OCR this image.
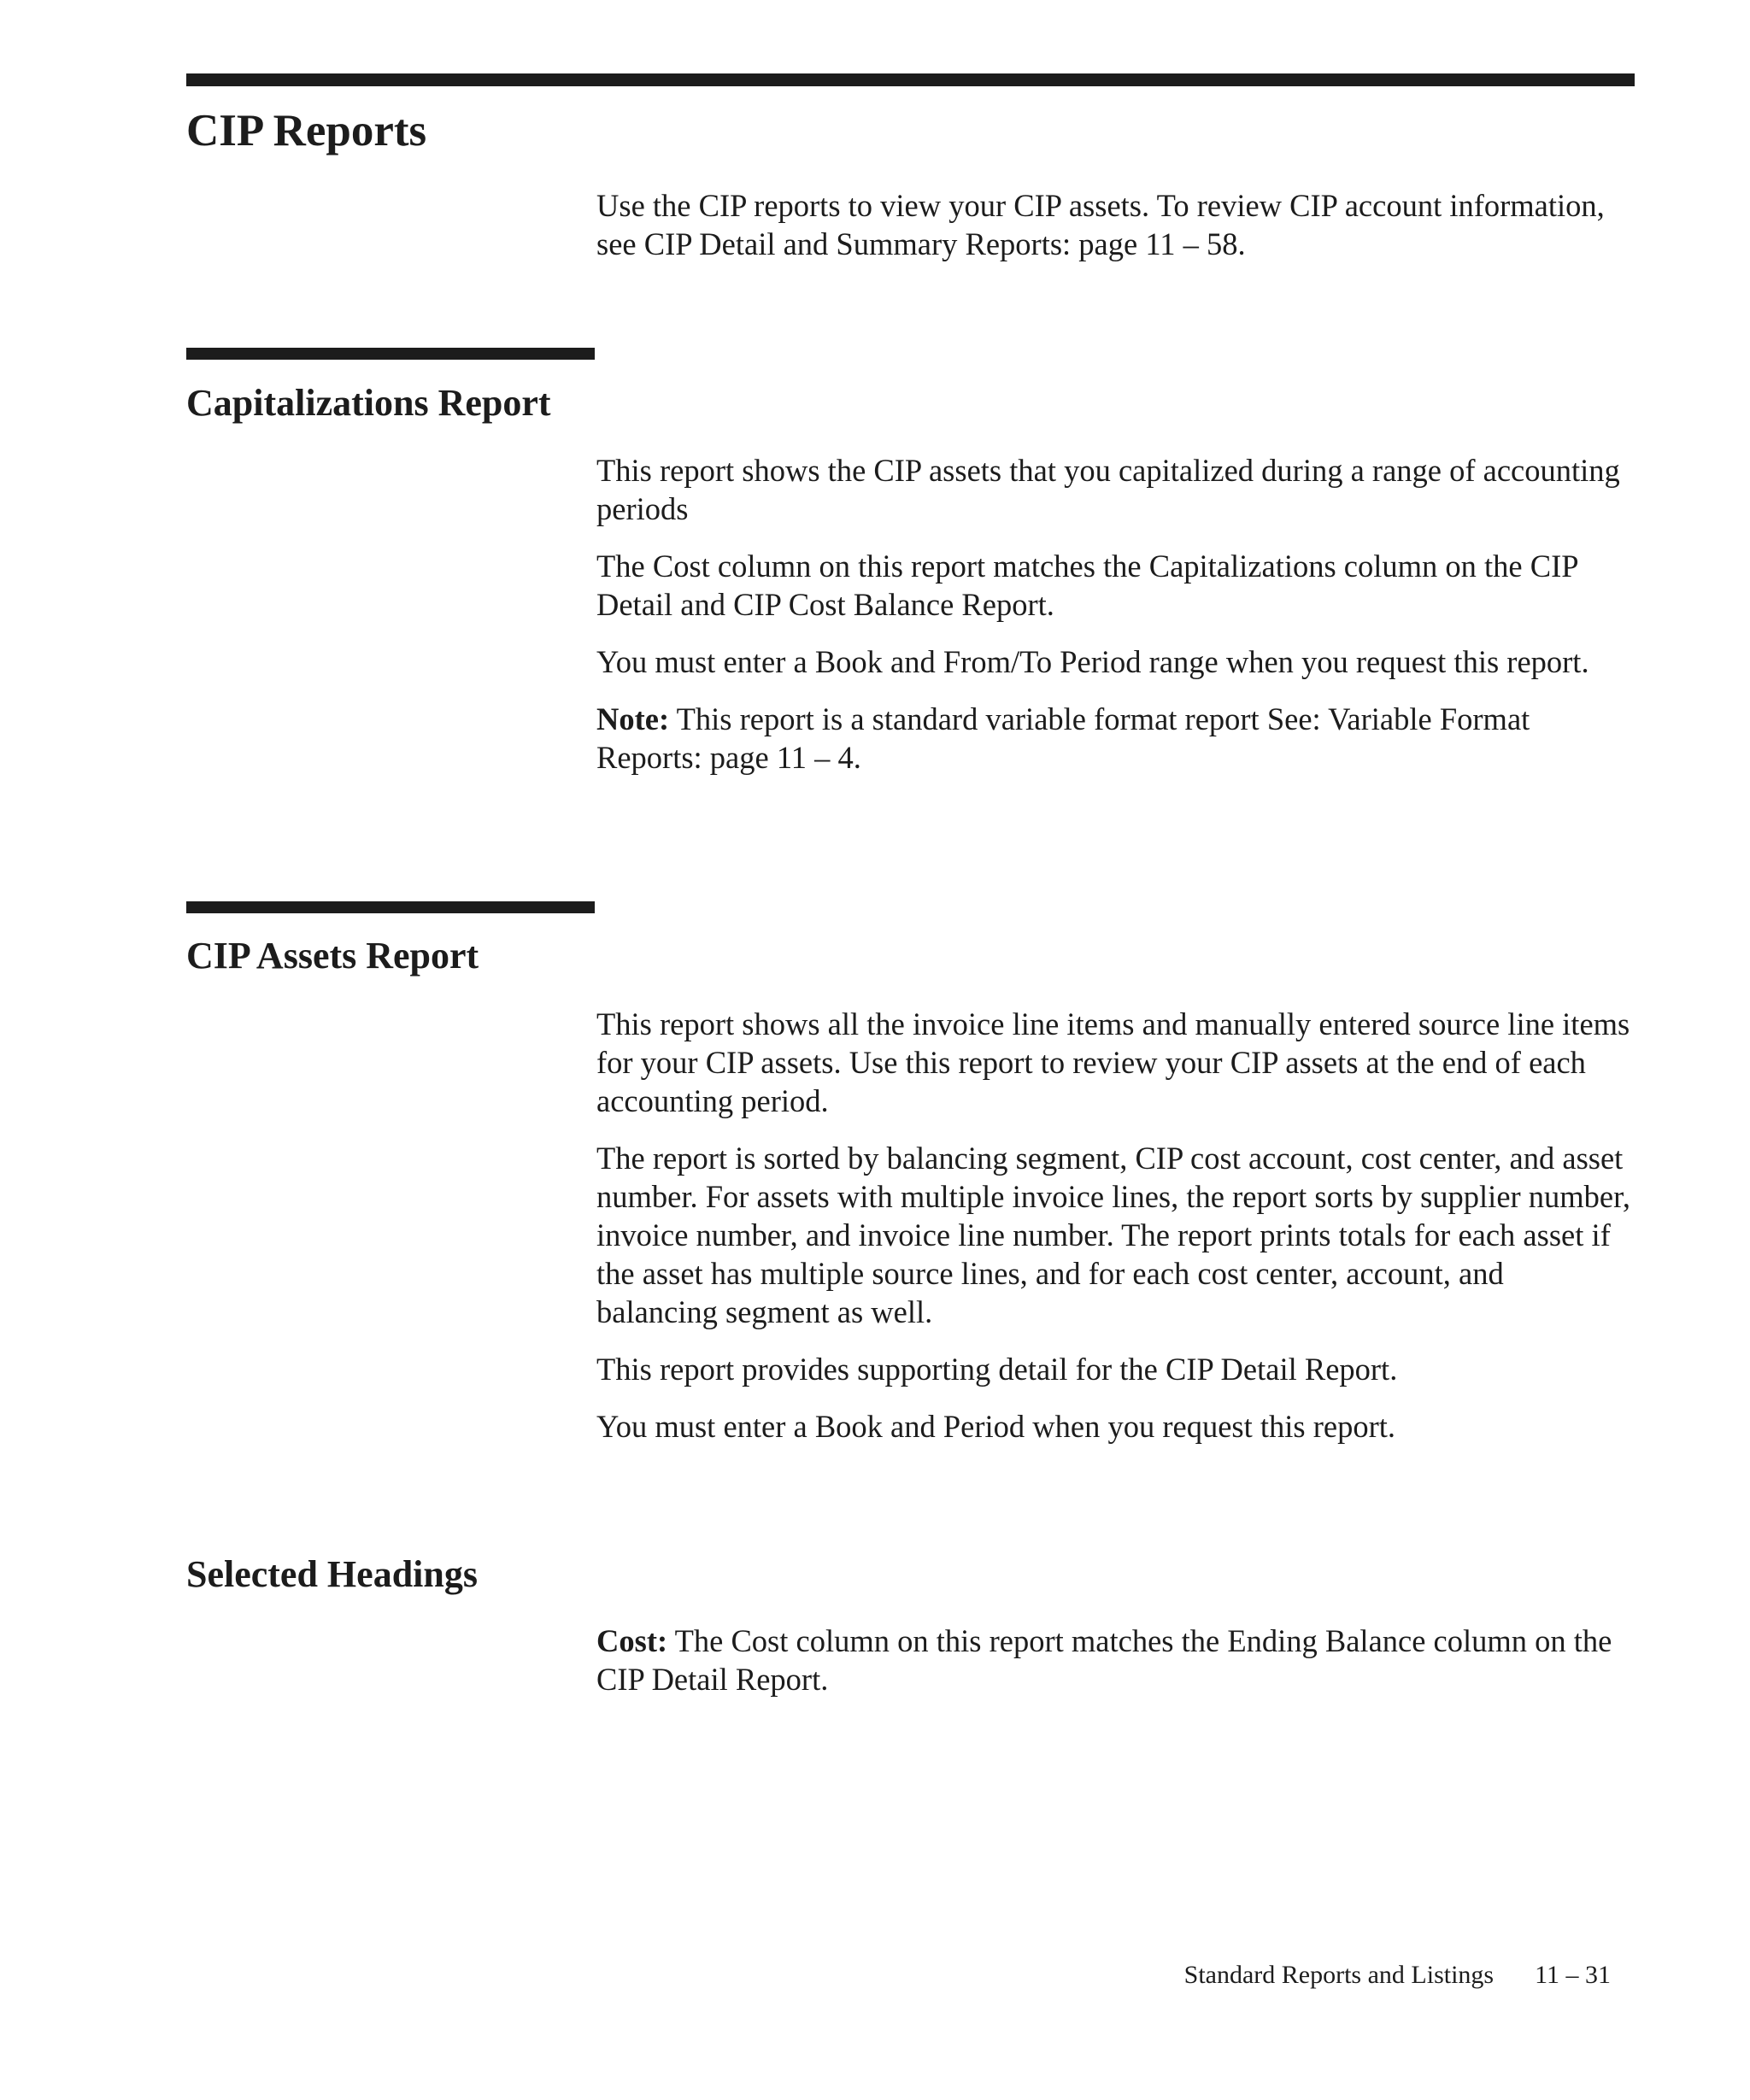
CIP Reports

Use the CIP reports to view your CIP assets. To review CIP account information, see CIP Detail and Summary Reports: page 11 – 58.

Capitalizations Report

This report shows the CIP assets that you capitalized during a range of accounting periods

The Cost column on this report matches the Capitalizations column on the CIP Detail and CIP Cost Balance Report.

You must enter a Book and From/To Period range when you request this report.

Note: This report is a standard variable format report See: Variable Format Reports: page 11 – 4.

CIP Assets Report

This report shows all the invoice line items and manually entered source line items for your CIP assets. Use this report to review your CIP assets at the end of each accounting period.

The report is sorted by balancing segment, CIP cost account, cost center, and asset number. For assets with multiple invoice lines, the report sorts by supplier number, invoice number, and invoice line number. The report prints totals for each asset if the asset has multiple source lines, and for each cost center, account, and balancing segment as well.

This report provides supporting detail for the CIP Detail Report.

You must enter a Book and Period when you request this report.

Selected Headings

Cost: The Cost column on this report matches the Ending Balance column on the CIP Detail Report.

Standard Reports and Listings 11 – 31
